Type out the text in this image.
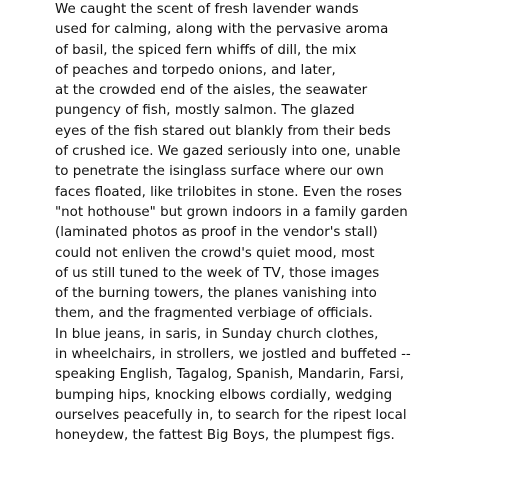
We caught the scent of fresh lavender wands
used for calming, along with the pervasive aroma
of basil, the spiced fern whiffs of dill, the mix
of peaches and torpedo onions, and later,
at the crowded end of the aisles, the seawater
pungency of fish, mostly salmon. The glazed
eyes of the fish stared out blankly from their beds
of crushed ice. We gazed seriously into one, unable
to penetrate the isinglass surface where our own
faces floated, like trilobites in stone. Even the roses
"not hothouse" but grown indoors in a family garden
(laminated photos as proof in the vendor's stall)
could not enliven the crowd's quiet mood, most
of us still tuned to the week of TV, those images
of the burning towers, the planes vanishing into
them, and the fragmented verbiage of officials.
In blue jeans, in saris, in Sunday church clothes,
in wheelchairs, in strollers, we jostled and buffeted --
speaking English, Tagalog, Spanish, Mandarin, Farsi,
bumping hips, knocking elbows cordially, wedging
ourselves peacefully in, to search for the ripest local
honeydew, the fattest Big Boys, the plumpest figs.
